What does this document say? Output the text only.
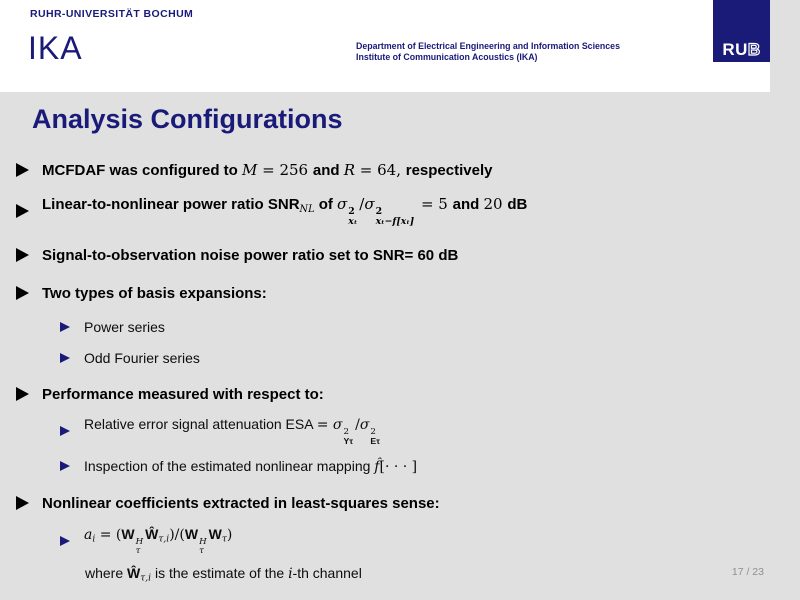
RUHR-UNIVERSITÄT BOCHUM
IKA	Department of Electrical Engineering and Information Sciences
Institute of Communication Acoustics (IKA)	RUB
Analysis Configurations
MCFDAF was configured to M = 256 and R = 64, respectively
Linear-to-nonlinear power ratio $SNR_{NL}$ of σ 2
xₜ
/σ 2
xₜ−f[xₜ]
= 5 and 20 dB
Signal-to-observation noise power ratio set to SNR= 60 dB
Two types of basis expansions:
Power series
Odd Fourier series
Performance measured with respect to:
Relative error signal attenuation ESA = σ 2
Yτ
/σ 2
Eτ
Inspection of the estimated nonlinear mapping f̂[· · · ]
Nonlinear coefficients extracted in least-squares sense:
$a_i = (W$ H
τ
$Ŵ_{\tau,i})/(W$ H
τ
$W_\tau$)
where $Ŵ_{\tau,i}$ is the estimate of the i-th channel	17 / 23
